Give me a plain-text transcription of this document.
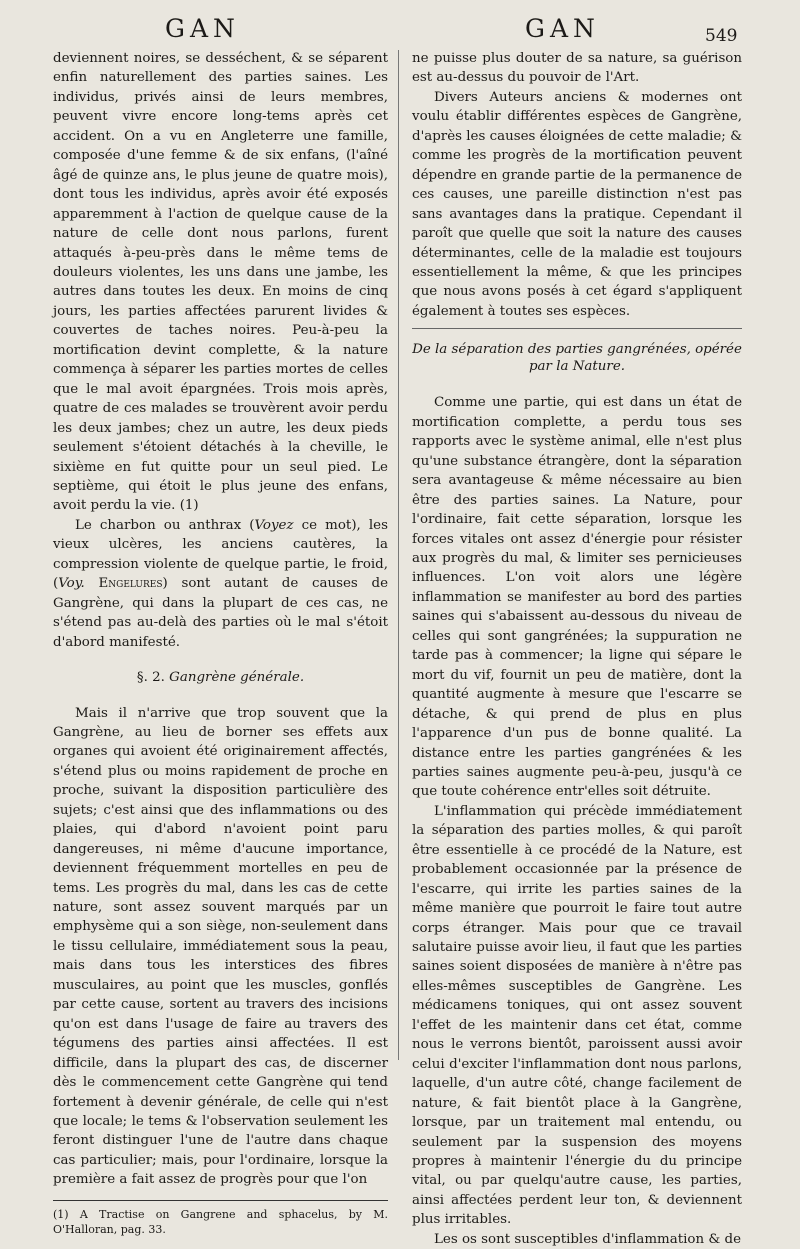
GAN	GAN	549

deviennent noires, se desséchent, & se séparent enfin naturellement des parties saines. Les individus, privés ainsi de leurs membres, peuvent vivre encore long-tems après cet accident. On a vu en Angleterre une famille, composée d'une femme & de six enfans, (l'aîné âgé de quinze ans, le plus jeune de quatre mois), dont tous les individus, après avoir été exposés apparemment à l'action de quelque cause de la nature de celle dont nous parlons, furent attaqués à-peu-près dans le même tems de douleurs violentes, les uns dans une jambe, les autres dans toutes les deux. En moins de cinq jours, les parties affectées parurent livides & couvertes de taches noires. Peu-à-peu la mortification devint complette, & la nature commença à séparer les parties mortes de celles que le mal avoit épargnées. Trois mois après, quatre de ces malades se trouvèrent avoir perdu les deux jambes; chez un autre, les deux pieds seulement s'étoient détachés à la cheville, le sixième en fut quitte pour un seul pied. Le septième, qui étoit le plus jeune des enfans, avoit perdu la vie. (1)

Le charbon ou anthrax (Voyez ce mot), les vieux ulcères, les anciens cautères, la compression violente de quelque partie, le froid, (Voy. Engelures) sont autant de causes de Gangrène, qui dans la plupart de ces cas, ne s'étend pas au-delà des parties où le mal s'étoit d'abord manifesté.

§. 2. Gangrène générale.

Mais il n'arrive que trop souvent que la Gangrène, au lieu de borner ses effets aux organes qui avoient été originairement affectés, s'étend plus ou moins rapidement de proche en proche, suivant la disposition particulière des sujets; c'est ainsi que des inflammations ou des plaies, qui d'abord n'avoient point paru dangereuses, ni même d'aucune importance, deviennent fréquemment mortelles en peu de tems. Les progrès du mal, dans les cas de cette nature, sont assez souvent marqués par un emphysème qui a son siège, non-seulement dans le tissu cellulaire, immédiatement sous la peau, mais dans tous les interstices des fibres musculaires, au point que les muscles, gonflés par cette cause, sortent au travers des incisions qu'on est dans l'usage de faire au travers des tégumens des parties ainsi affectées. Il est difficile, dans la plupart des cas, de discerner dès le commencement cette Gangrène qui tend fortement à devenir générale, de celle qui n'est que locale; le tems & l'observation seulement les feront distinguer l'une de l'autre dans chaque cas particulier; mais, pour l'ordinaire, lorsque la première a fait assez de progrès pour que l'on

(1) A Tractise on Gangrene and sphacelus, by M. O'Halloran, pag. 33.

ne puisse plus douter de sa nature, sa guérison est au-dessus du pouvoir de l'Art.

Divers Auteurs anciens & modernes ont voulu établir différentes espèces de Gangrène, d'après les causes éloignées de cette maladie; & comme les progrès de la mortification peuvent dépendre en grande partie de la permanence de ces causes, une pareille distinction n'est pas sans avantages dans la pratique. Cependant il paroît que quelle que soit la nature des causes déterminantes, celle de la maladie est toujours essentiellement la même, & que les principes que nous avons posés à cet égard s'appliquent également à toutes ses espèces.

De la séparation des parties gangrénées, opérée par la Nature.

Comme une partie, qui est dans un état de mortification complette, a perdu tous ses rapports avec le système animal, elle n'est plus qu'une substance étrangère, dont la séparation sera avantageuse & même nécessaire au bien être des parties saines. La Nature, pour l'ordinaire, fait cette séparation, lorsque les forces vitales ont assez d'énergie pour résister aux progrès du mal, & limiter ses pernicieuses influences. L'on voit alors une légère inflammation se manifester au bord des parties saines qui s'abaissent au-dessous du niveau de celles qui sont gangrénées; la suppuration ne tarde pas à commencer; la ligne qui sépare le mort du vif, fournit un peu de matière, dont la quantité augmente à mesure que l'escarre se détache, & qui prend de plus en plus l'apparence d'un pus de bonne qualité. La distance entre les parties gangrénées & les parties saines augmente peu-à-peu, jusqu'à ce que toute cohérence entr'elles soit détruite.

L'inflammation qui précède immédiatement la séparation des parties molles, & qui paroît être essentielle à ce procédé de la Nature, est probablement occasionnée par la présence de l'escarre, qui irrite les parties saines de la même manière que pourroit le faire tout autre corps étranger. Mais pour que ce travail salutaire puisse avoir lieu, il faut que les parties saines soient disposées de manière à n'être pas elles-mêmes susceptibles de Gangrène. Les médicamens toniques, qui ont assez souvent l'effet de les maintenir dans cet état, comme nous le verrons bientôt, paroissent aussi avoir celui d'exciter l'inflammation dont nous parlons, laquelle, d'un autre côté, change facilement de nature, & fait bientôt place à la Gangrène, lorsque, par un traitement mal entendu, ou seulement par la suspension des moyens propres à maintenir l'énergie du du principe vital, ou par quelqu'autre cause, les parties, ainsi affectées perdent leur ton, & deviennent plus irritables.

Les os sont susceptibles d'inflammation & de
